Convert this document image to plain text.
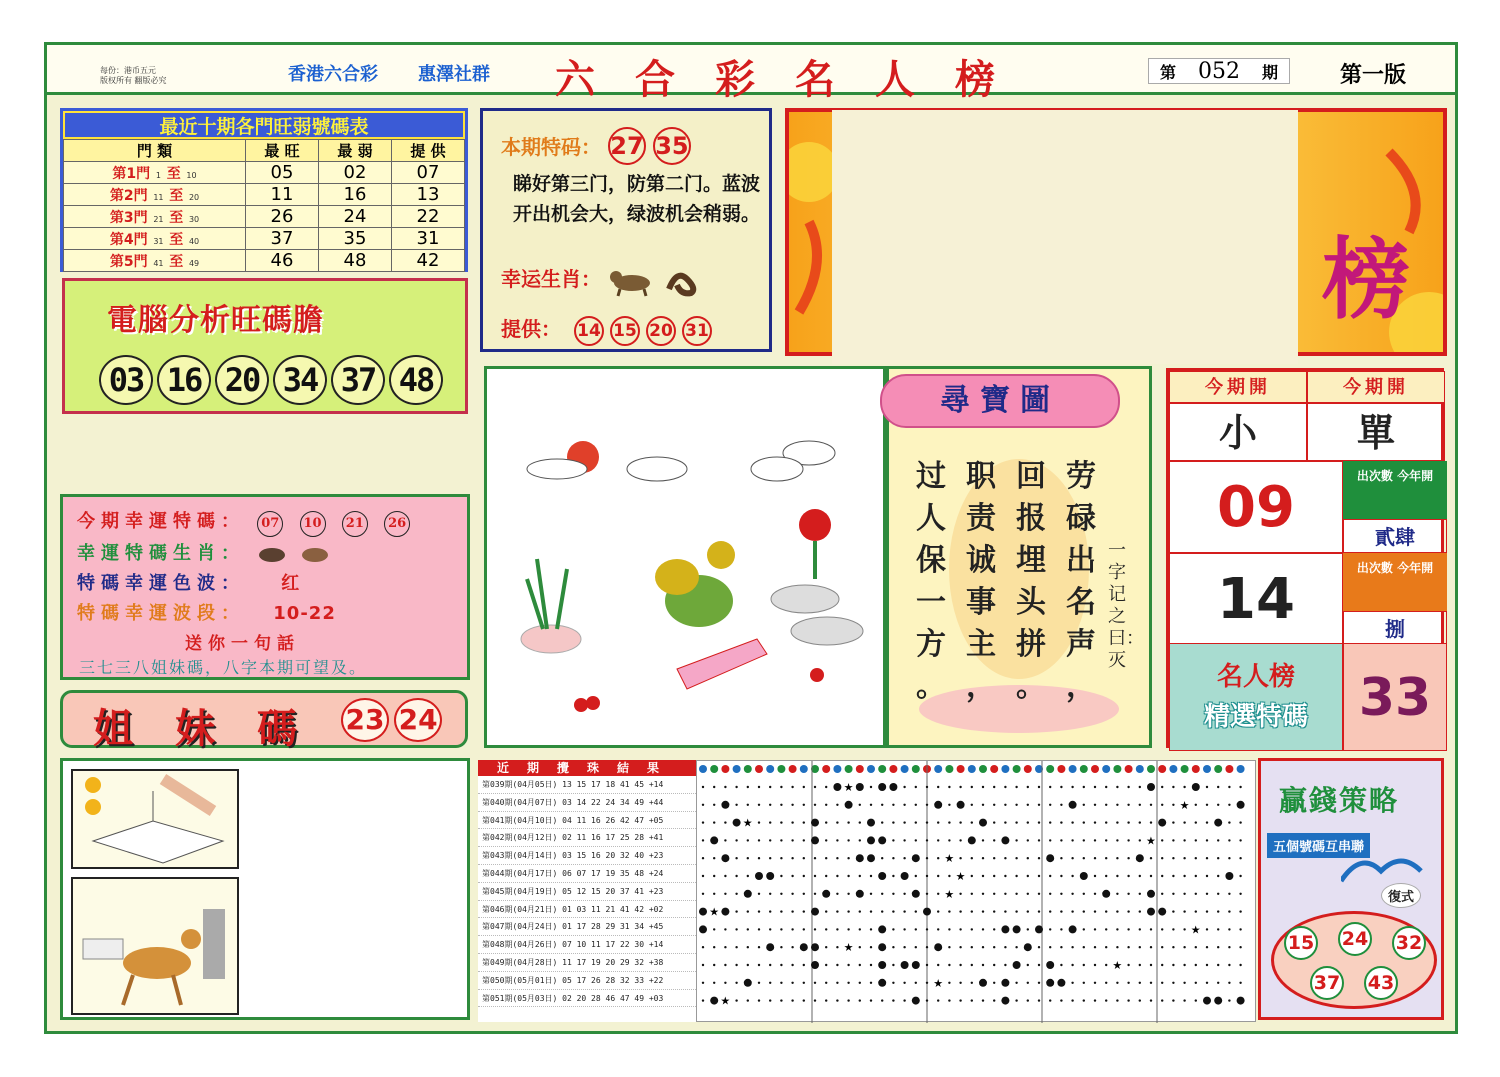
每份：港币五元
版权所有 翻版必究	香港六合彩 惠澤社群 六合彩名人榜	第 052 期	第一版
最近十期各門旺弱號碼表
門 類	最 旺	最 弱	提 供
第1門 1 至 10	05	02	07
第2門 11 至 20	11	16	13
第3門 21 至 30	26	24	22
第4門 31 至 40	37	35	31
第5門 41 至 49	46	48	42
電腦分析旺碼膽
03 16 20 34 37 48
本期特码： 27 35
睇好第三门，防第二门。蓝波开出机会大，绿波机会稍弱。
幸运生肖：
提供： 14 15 20 31	榜
今期幸運特碼： 07 10 21 26
幸運特碼生肖：
特碼幸運色波： 红
特碼幸運波段： 10-22
送你一句話
三七三八姐妹碼，八字本期可望及。
姐妹碼 23 24
尋寶圖
过
人
保
一
方
。
职
责
诚
事
主
，
回
报
埋
头
拼
。
劳
碌
出
名
声
，
一字记之曰：灭
今期開	今期開
小	單
09	出次數 今年開
貳肆
14	出次數 今年開
捌
名人榜
精選特碼 33
近期攪珠結果
第039期(04月05日) 13 15 17 18 41 45 +14
第040期(04月07日) 03 14 22 24 34 49 +44
第041期(04月10日) 04 11 16 26 42 47 +05
第042期(04月12日) 02 11 16 17 25 28 +41
第043期(04月14日) 03 15 16 20 32 40 +23
第044期(04月17日) 06 07 17 19 35 48 +24
第045期(04月19日) 05 12 15 20 37 41 +23
第046期(04月21日) 01 03 11 21 41 42 +02
第047期(04月24日) 01 17 28 29 31 34 +45
第048期(04月26日) 07 10 11 17 22 30 +14
第049期(04月28日) 11 17 19 20 29 32 +38
第050期(05月01日) 05 17 26 28 32 33 +22
第051期(05月03日) 02 20 28 46 47 49 +03
★
★
★
★
★
★
★
★
★
★
★
★
★
贏錢策略
五個號碼互串聯
復式
15 24 32
37 43
